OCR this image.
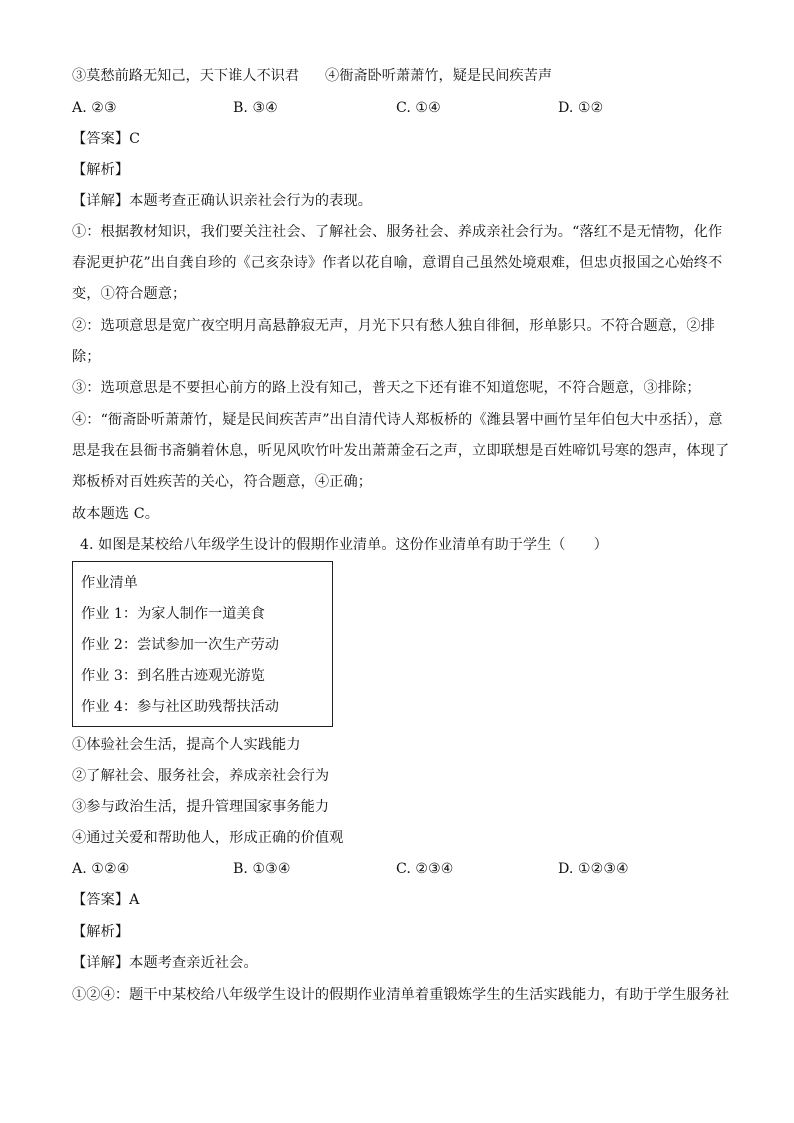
③莫愁前路无知己，天下谁人不识君 ④衙斋卧听萧萧竹，疑是民间疾苦声
A. ②③	B. ③④	C. ①④	D. ①②
【答案】C
【解析】
【详解】本题考查正确认识亲社会行为的表现。
①：根据教材知识，我们要关注社会、了解社会、服务社会、养成亲社会行为。“落红不是无情物，化作
春泥更护花”出自龚自珍的《己亥杂诗》作者以花自喻，意谓自己虽然处境艰难，但忠贞报国之心始终不
变，①符合题意；
②：选项意思是宽广夜空明月高悬静寂无声，月光下只有愁人独自徘徊，形单影只。不符合题意，②排
除；
③：选项意思是不要担心前方的路上没有知己，普天之下还有谁不知道您呢，不符合题意，③排除；
④：“衙斋卧听萧萧竹，疑是民间疾苦声”出自清代诗人郑板桥的《潍县署中画竹呈年伯包大中丞括），意
思是我在县衙书斋躺着休息，听见风吹竹叶发出萧萧金石之声，立即联想是百姓啼饥号寒的怨声，体现了
郑板桥对百姓疾苦的关心，符合题意，④正确；
故本题选 C。
4. 如图是某校给八年级学生设计的假期作业清单。这份作业清单有助于学生（　　）
作业清单
作业 1：为家人制作一道美食
作业 2：尝试参加一次生产劳动
作业 3：到名胜古迹观光游览
作业 4：参与社区助残帮扶活动
①体验社会生活，提高个人实践能力
②了解社会、服务社会，养成亲社会行为
③参与政治生活，提升管理国家事务能力
④通过关爱和帮助他人，形成正确的价值观
A. ①②④	B. ①③④	C. ②③④	D. ①②③④
【答案】A
【解析】
【详解】本题考查亲近社会。
①②④：题干中某校给八年级学生设计的假期作业清单着重锻炼学生的生活实践能力，有助于学生服务社
